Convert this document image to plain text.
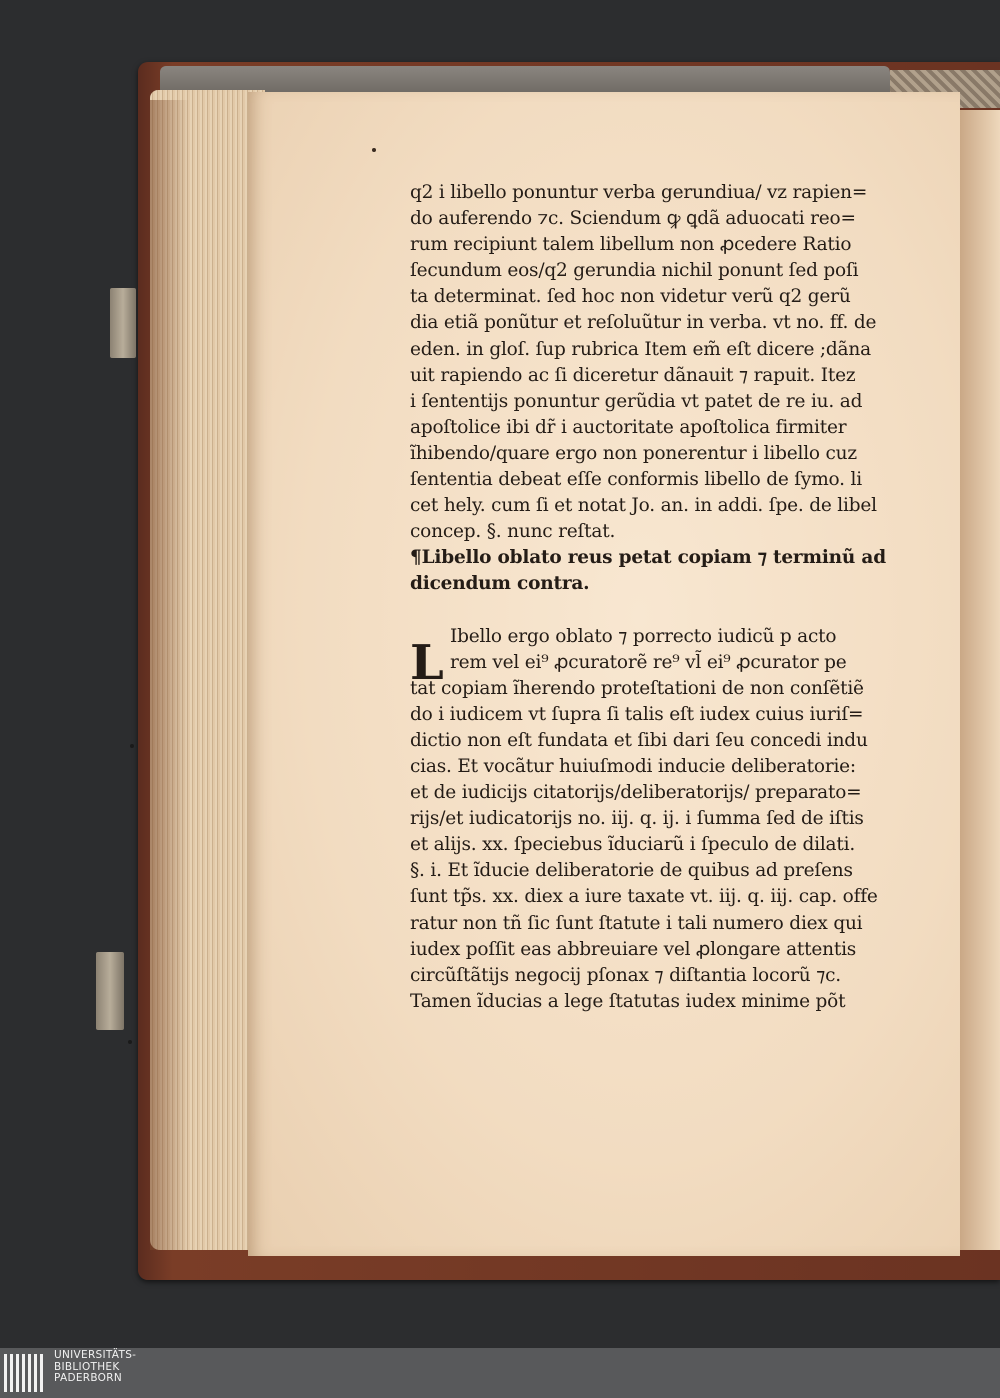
q2 i libello ponuntur verba gerundiua/ vz rapien=
do auferendo ⁊c. Sciendum ꝙ ꝗdã aduocati reo=
rum recipiunt talem libellum non ꝓcedere Ratio
ſecundum eos/q2 gerundia nichil ponunt ſed poſi
ta determinat. ſed hoc non videtur verũ q2 gerũ
dia etiã ponũtur et reſoluũtur in verba. vt no. ff. de
eden. in gloſ. ſup rubrica Item em̃ eſt dicere ;dãna
uit rapiendo ac ſi diceretur dãnauit ⁊ rapuit. Itez
i ſententijs ponuntur gerũdia vt patet de re iu. ad
apoſtolice ibi dr̃ i auctoritate apoſtolica firmiter
ĩhibendo/quare ergo non ponerentur i libello cuz
ſententia debeat eſſe conformis libello de ſymo. li
cet hely. cum ſi et notat Jo. an. in addi. ſpe. de libel
concep. §. nunc reſtat.
¶Libello oblato reus petat copiam ⁊ terminũ ad
dicendum contra.
Ibello ergo oblato ⁊ porrecto iudicũ p acto
rem vel ei⁹ ꝓcuratorẽ re⁹ vl̃ ei⁹ ꝓcurator pe
tat copiam ĩherendo proteſtationi de non conſẽtiẽ
do i iudicem vt ſupra ſi talis eſt iudex cuius iuriſ=
dictio non eſt fundata et ſibi dari ſeu concedi indu
cias. Et vocãtur huiuſmodi inducie deliberatorie:
et de iudicijs citatorijs/deliberatorijs/ preparato=
rijs/et iudicatorijs no. iij. q. ij. i ſumma ſed de iſtis
et alijs. xx. ſpeciebus ĩduciarũ i ſpeculo de dilati.
§. i. Et ĩducie deliberatorie de quibus ad preſens
ſunt tp̃s. xx. diex a iure taxate vt. iij. q. iij. cap. offe
ratur non tñ ſic ſunt ſtatute i tali numero diex qui
iudex poſſit eas abbreuiare vel ꝓlongare attentis
circũſtãtijs negocij pſonax ⁊ diſtantia locorũ ⁊c.
Tamen ĩducias a lege ſtatutas iudex minime põt
L
UNIVERSITÄTS-
BIBLIOTHEK
PADERBORN
